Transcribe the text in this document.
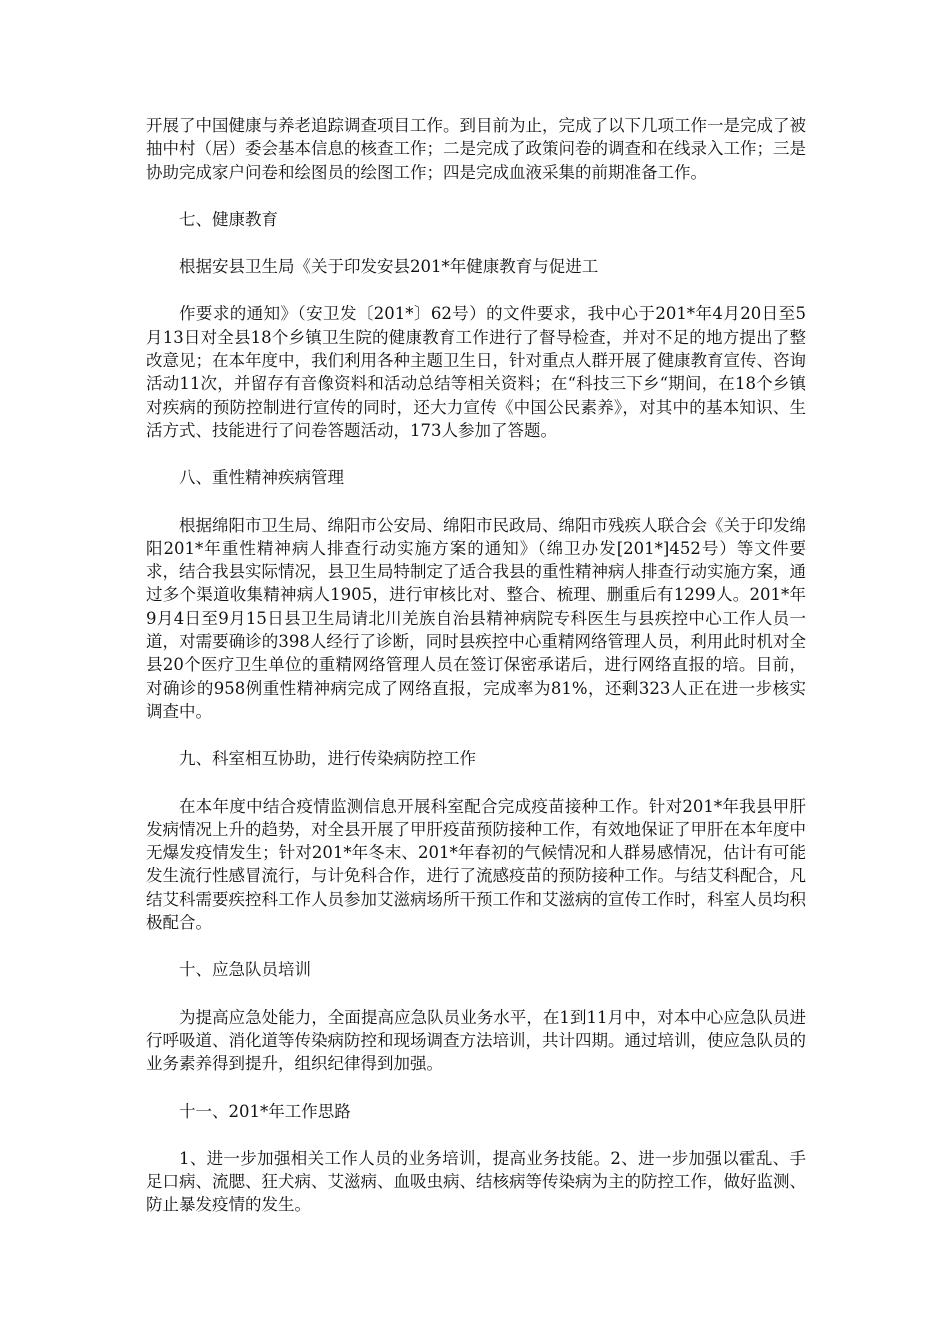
开展了中国健康与养老追踪调查项目工作。到目前为止，完成了以下几项工作一是完成了被抽中村（居）委会基本信息的核查工作；二是完成了政策问卷的调查和在线录入工作；三是协助完成家户问卷和绘图员的绘图工作；四是完成血液采集的前期准备工作。

七、健康教育

根据安县卫生局《关于印发安县201*年健康教育与促进工

作要求的通知》（安卫发〔201*〕62号）的文件要求，我中心于201*年4月20日至5月13日对全县18个乡镇卫生院的健康教育工作进行了督导检查，并对不足的地方提出了整改意见；在本年度中，我们利用各种主题卫生日，针对重点人群开展了健康教育宣传、咨询活动11次，并留存有音像资料和活动总结等相关资料；在“科技三下乡“期间，在18个乡镇对疾病的预防控制进行宣传的同时，还大力宣传《中国公民素养》，对其中的基本知识、生活方式、技能进行了问卷答题活动，173人参加了答题。

八、重性精神疾病管理

根据绵阳市卫生局、绵阳市公安局、绵阳市民政局、绵阳市残疾人联合会《关于印发绵阳201*年重性精神病人排查行动实施方案的通知》（绵卫办发[201*]452号）等文件要求，结合我县实际情况，县卫生局特制定了适合我县的重性精神病人排查行动实施方案，通过多个渠道收集精神病人1905，进行审核比对、整合、梳理、删重后有1299人。201*年9月4日至9月15日县卫生局请北川羌族自治县精神病院专科医生与县疾控中心工作人员一道，对需要确诊的398人经行了诊断，同时县疾控中心重精网络管理人员，利用此时机对全县20个医疗卫生单位的重精网络管理人员在签订保密承诺后，进行网络直报的培。目前，对确诊的958例重性精神病完成了网络直报，完成率为81%，还剩323人正在进一步核实调查中。

九、科室相互协助，进行传染病防控工作

在本年度中结合疫情监测信息开展科室配合完成疫苗接种工作。针对201*年我县甲肝发病情况上升的趋势，对全县开展了甲肝疫苗预防接种工作，有效地保证了甲肝在本年度中无爆发疫情发生；针对201*年冬末、201*年春初的气候情况和人群易感情况，估计有可能发生流行性感冒流行，与计免科合作，进行了流感疫苗的预防接种工作。与结艾科配合，凡结艾科需要疾控科工作人员参加艾滋病场所干预工作和艾滋病的宣传工作时，科室人员均积极配合。

十、应急队员培训

为提高应急处能力，全面提高应急队员业务水平，在1到11月中，对本中心应急队员进行呼吸道、消化道等传染病防控和现场调查方法培训，共计四期。通过培训，使应急队员的业务素养得到提升，组织纪律得到加强。

十一、201*年工作思路

1、进一步加强相关工作人员的业务培训，提高业务技能。2、进一步加强以霍乱、手足口病、流腮、狂犬病、艾滋病、血吸虫病、结核病等传染病为主的防控工作，做好监测、防止暴发疫情的发生。
